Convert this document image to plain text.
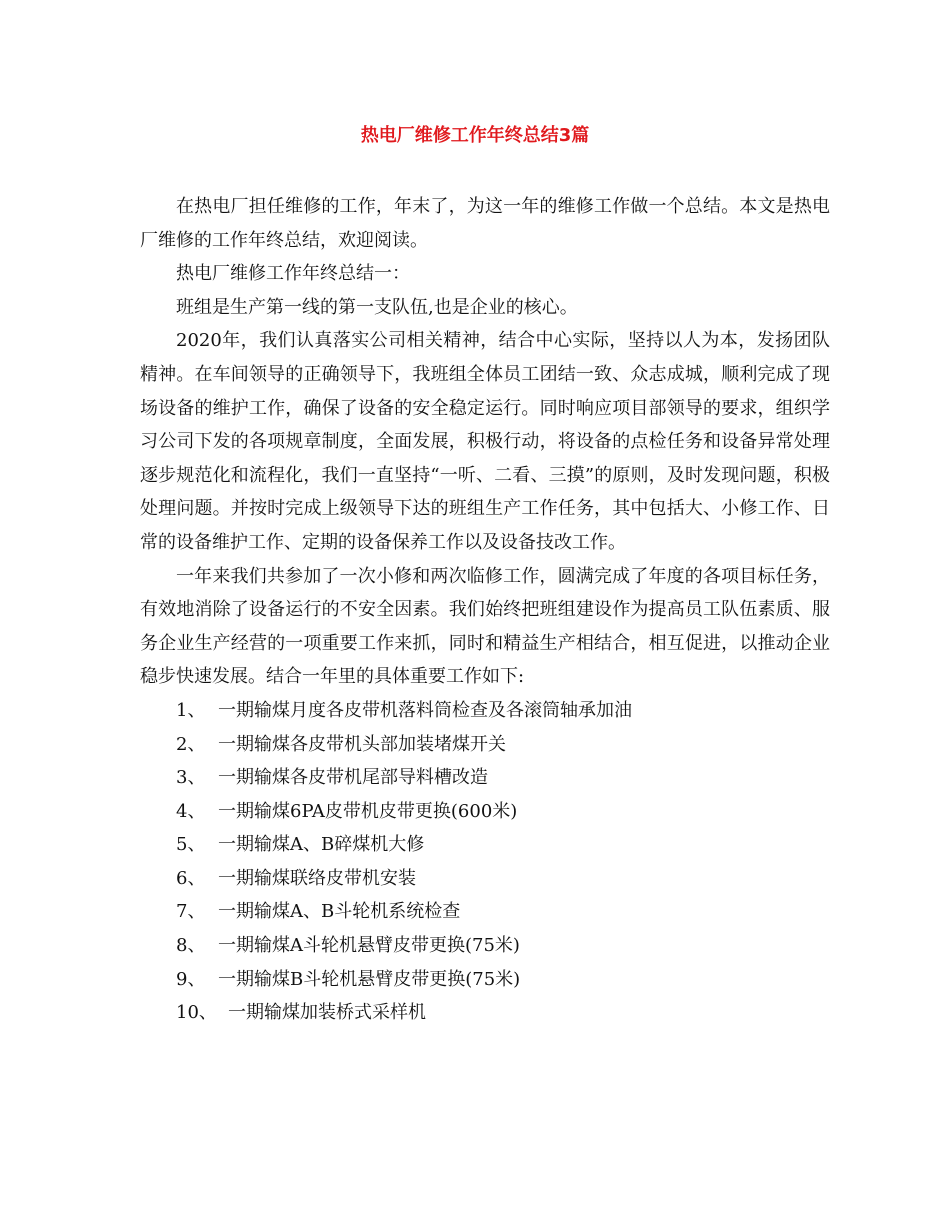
热电厂维修工作年终总结3篇

在热电厂担任维修的工作，年末了，为这一年的维修工作做一个总结。本文是热电厂维修的工作年终总结，欢迎阅读。

热电厂维修工作年终总结一：

班组是生产第一线的第一支队伍,也是企业的核心。

2020年，我们认真落实公司相关精神，结合中心实际，坚持以人为本，发扬团队精神。在车间领导的正确领导下，我班组全体员工团结一致、众志成城，顺利完成了现场设备的维护工作，确保了设备的安全稳定运行。同时响应项目部领导的要求，组织学习公司下发的各项规章制度，全面发展，积极行动，将设备的点检任务和设备异常处理逐步规范化和流程化，我们一直坚持“一听、二看、三摸”的原则，及时发现问题，积极处理问题。并按时完成上级领导下达的班组生产工作任务，其中包括大、小修工作、日常的设备维护工作、定期的设备保养工作以及设备技改工作。

一年来我们共参加了一次小修和两次临修工作，圆满完成了年度的各项目标任务，有效地消除了设备运行的不安全因素。我们始终把班组建设作为提高员工队伍素质、服务企业生产经营的一项重要工作来抓，同时和精益生产相结合，相互促进，以推动企业稳步快速发展。结合一年里的具体重要工作如下:

1、 一期输煤月度各皮带机落料筒检查及各滚筒轴承加油
2、 一期输煤各皮带机头部加装堵煤开关
3、 一期输煤各皮带机尾部导料槽改造
4、 一期输煤6PA皮带机皮带更换(600米)
5、 一期输煤A、B碎煤机大修
6、 一期输煤联络皮带机安装
7、 一期输煤A、B斗轮机系统检查
8、 一期输煤A斗轮机悬臂皮带更换(75米)
9、 一期输煤B斗轮机悬臂皮带更换(75米)
10、 一期输煤加装桥式采样机
